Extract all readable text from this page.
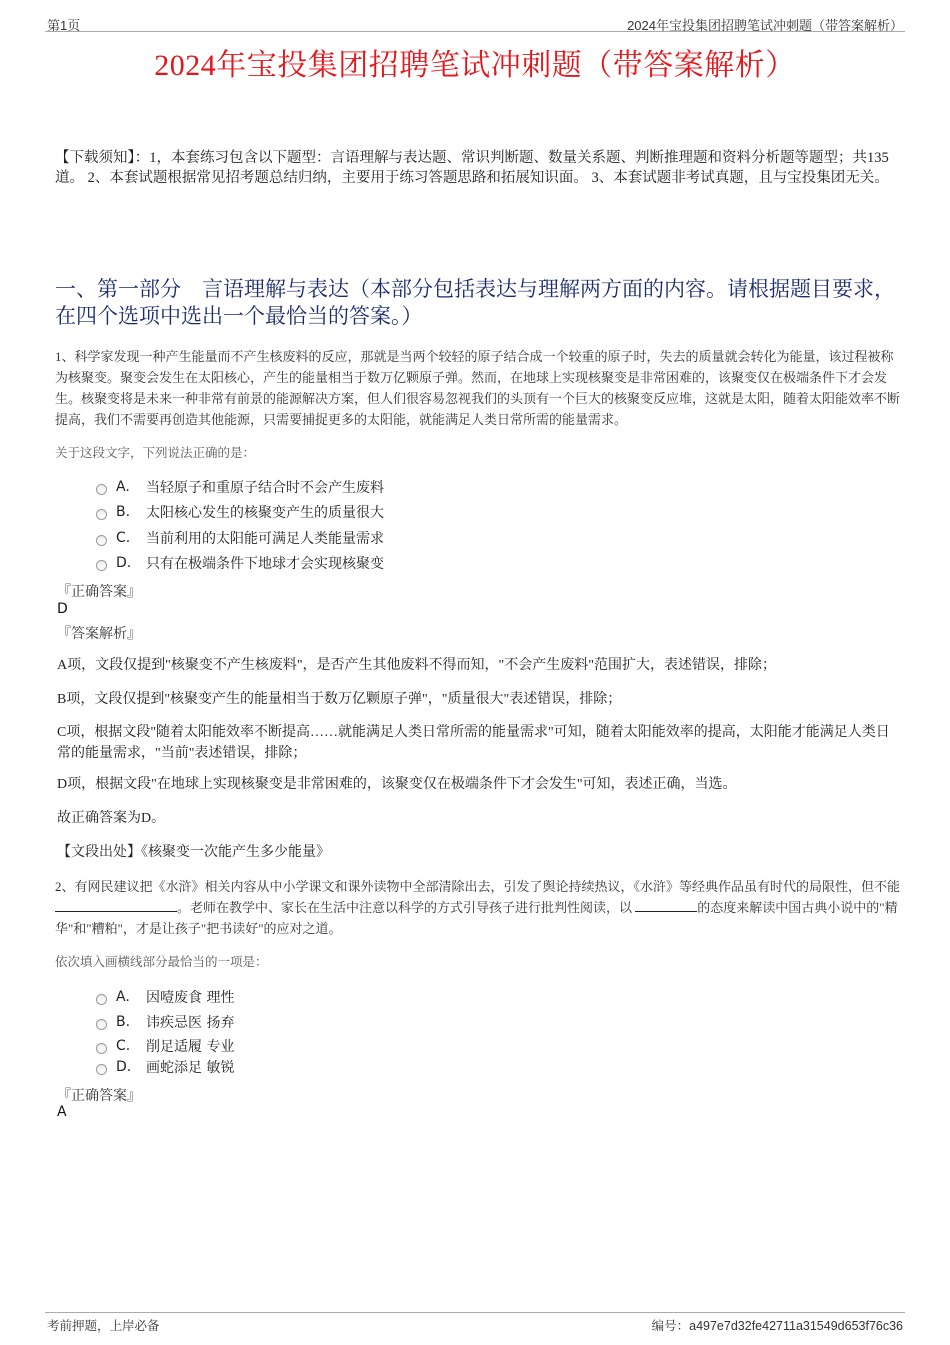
第1页	2024年宝投集团招聘笔试冲刺题（带答案解析）
2024年宝投集团招聘笔试冲刺题（带答案解析）
【下载须知】：1，本套练习包含以下题型：言语理解与表达题、常识判断题、数量关系题、判断推理题和资料分析题等题型；共135道。 2、本套试题根据常见招考题总结归纳，主要用于练习答题思路和拓展知识面。 3、本套试题非考试真题，且与宝投集团无关。
一、第一部分　言语理解与表达（本部分包括表达与理解两方面的内容。请根据题目要求，在四个选项中选出一个最恰当的答案。）
1、科学家发现一种产生能量而不产生核废料的反应，那就是当两个较轻的原子结合成一个较重的原子时，失去的质量就会转化为能量，该过程被称为核聚变。聚变会发生在太阳核心，产生的能量相当于数万亿颗原子弹。然而，在地球上实现核聚变是非常困难的，该聚变仅在极端条件下才会发生。核聚变将是未来一种非常有前景的能源解决方案，但人们很容易忽视我们的头顶有一个巨大的核聚变反应堆，这就是太阳，随着太阳能效率不断提高，我们不需要再创造其他能源，只需要捕捉更多的太阳能，就能满足人类日常所需的能量需求。
关于这段文字，下列说法正确的是：
A.	当轻原子和重原子结合时不会产生废料
B.	太阳核心发生的核聚变产生的质量很大
C.	当前利用的太阳能可满足人类能量需求
D.	只有在极端条件下地球才会实现核聚变
『正确答案』
D
『答案解析』
A项，文段仅提到"核聚变不产生核废料"，是否产生其他废料不得而知，"不会产生废料"范围扩大，表述错误，排除；
B项，文段仅提到"核聚变产生的能量相当于数万亿颗原子弹"，"质量很大"表述错误，排除；
C项，根据文段"随着太阳能效率不断提高……就能满足人类日常所需的能量需求"可知，随着太阳能效率的提高，太阳能才能满足人类日常的能量需求，"当前"表述错误，排除；
D项，根据文段"在地球上实现核聚变是非常困难的，该聚变仅在极端条件下才会发生"可知，表述正确，当选。
故正确答案为D。
【文段出处】《核聚变一次能产生多少能量》
2、有网民建议把《水浒》相关内容从中小学课文和课外读物中全部清除出去，引发了舆论持续热议，《水浒》等经典作品虽有时代的局限性，但不能 。老师在教学中、家长在生活中注意以科学的方式引导孩子进行批判性阅读，以	的态度来解读中国古典小说中的"精华"和"糟粕"，才是让孩子"把书读好"的应对之道。
依次填入画横线部分最恰当的一项是：
A.	因噎废食 理性
B.	讳疾忌医 扬弃
C.	削足适履 专业
D.	画蛇添足 敏锐
『正确答案』
A
考前押题，上岸必备	编号：a497e7d32fe42711a31549d653f76c36
